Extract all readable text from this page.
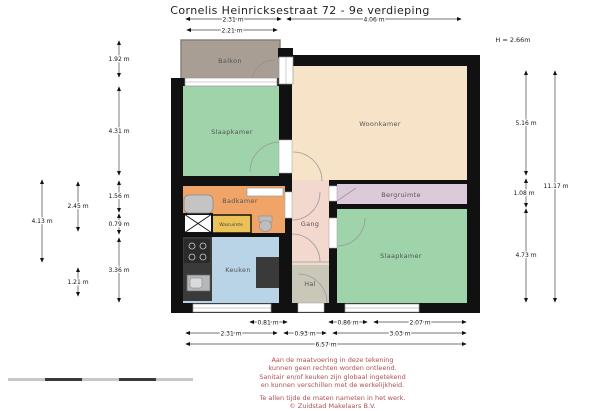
Cornelis Heinricksestraat 72 - 9e verdieping
Balkon
Slaapkamer
Woonkamer
Badkamer
Wasruimte
Keuken
Gang
Hal
Bergruimte
Slaapkamer
2.31 m	4.06 m
2.21 m
1.92 m
4.31 m
1.56 m
0.79 m
3.36 m
2.45 m
1.21 m
4.13 m
5.16 m
1.08 m
4.73 m
11.17 m
0.81 m	0.86 m	2.07 m
2.31 m	0.93 m	3.03 m
6.57 m
H = 2.66m
Aan de maatvoering in deze tekening
kunnen geen rechten worden ontleend.
Sanitair en/of keuken zijn globaal ingetekend
en kunnen verschillen met de werkelijkheid.
Te allen tijde de maten nameten in het werk.
© Zuidstad Makelaars B.V.
